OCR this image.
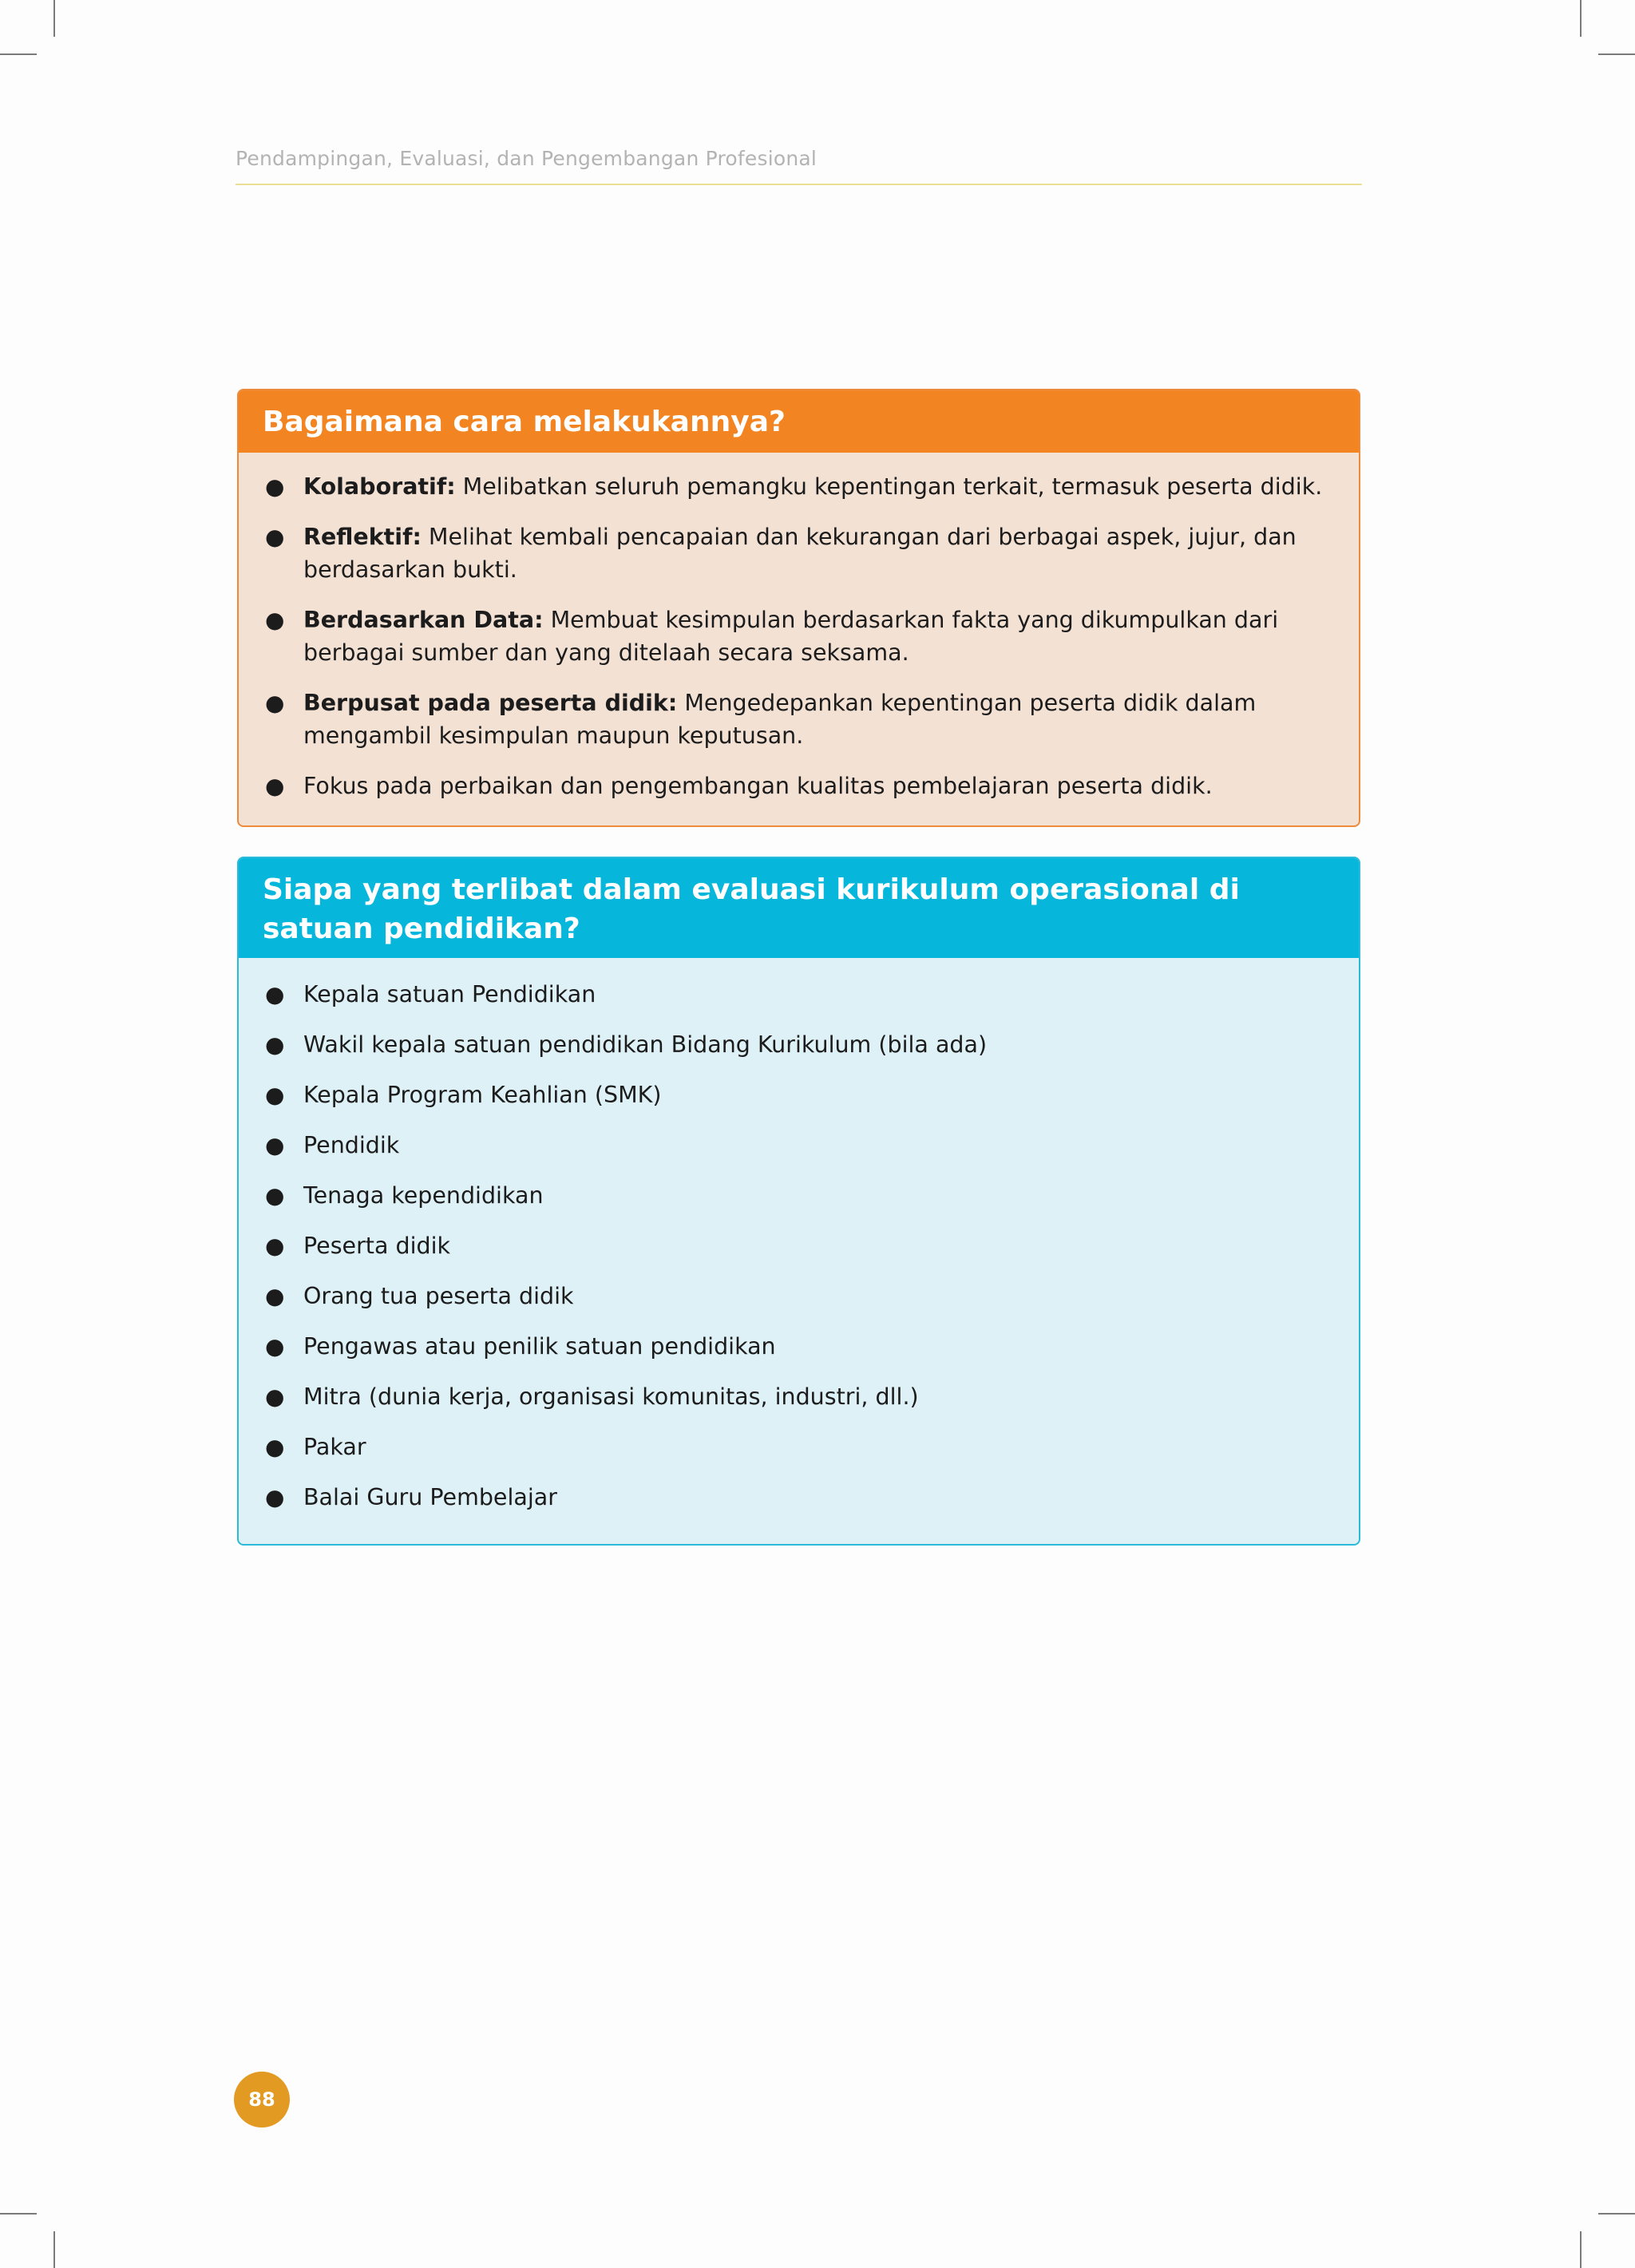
Pendampingan, Evaluasi, dan Pengembangan Profesional
Bagaimana cara melakukannya?
● Kolaboratif: Melibatkan seluruh pemangku kepentingan terkait, termasuk peserta didik.
● Reflektif: Melihat kembali pencapaian dan kekurangan dari berbagai aspek, jujur, dan berdasarkan bukti.
● Berdasarkan Data: Membuat kesimpulan berdasarkan fakta yang dikumpulkan dari berbagai sumber dan yang ditelaah secara seksama.
● Berpusat pada peserta didik: Mengedepankan kepentingan peserta didik dalam mengambil kesimpulan maupun keputusan.
● Fokus pada perbaikan dan pengembangan kualitas pembelajaran peserta didik.
Siapa yang terlibat dalam evaluasi kurikulum operasional di satuan pendidikan?
● Kepala satuan Pendidikan
● Wakil kepala satuan pendidikan Bidang Kurikulum (bila ada)
● Kepala Program Keahlian (SMK)
● Pendidik
● Tenaga kependidikan
● Peserta didik
● Orang tua peserta didik
● Pengawas atau penilik satuan pendidikan
● Mitra (dunia kerja, organisasi komunitas, industri, dll.)
● Pakar
● Balai Guru Pembelajar
88
